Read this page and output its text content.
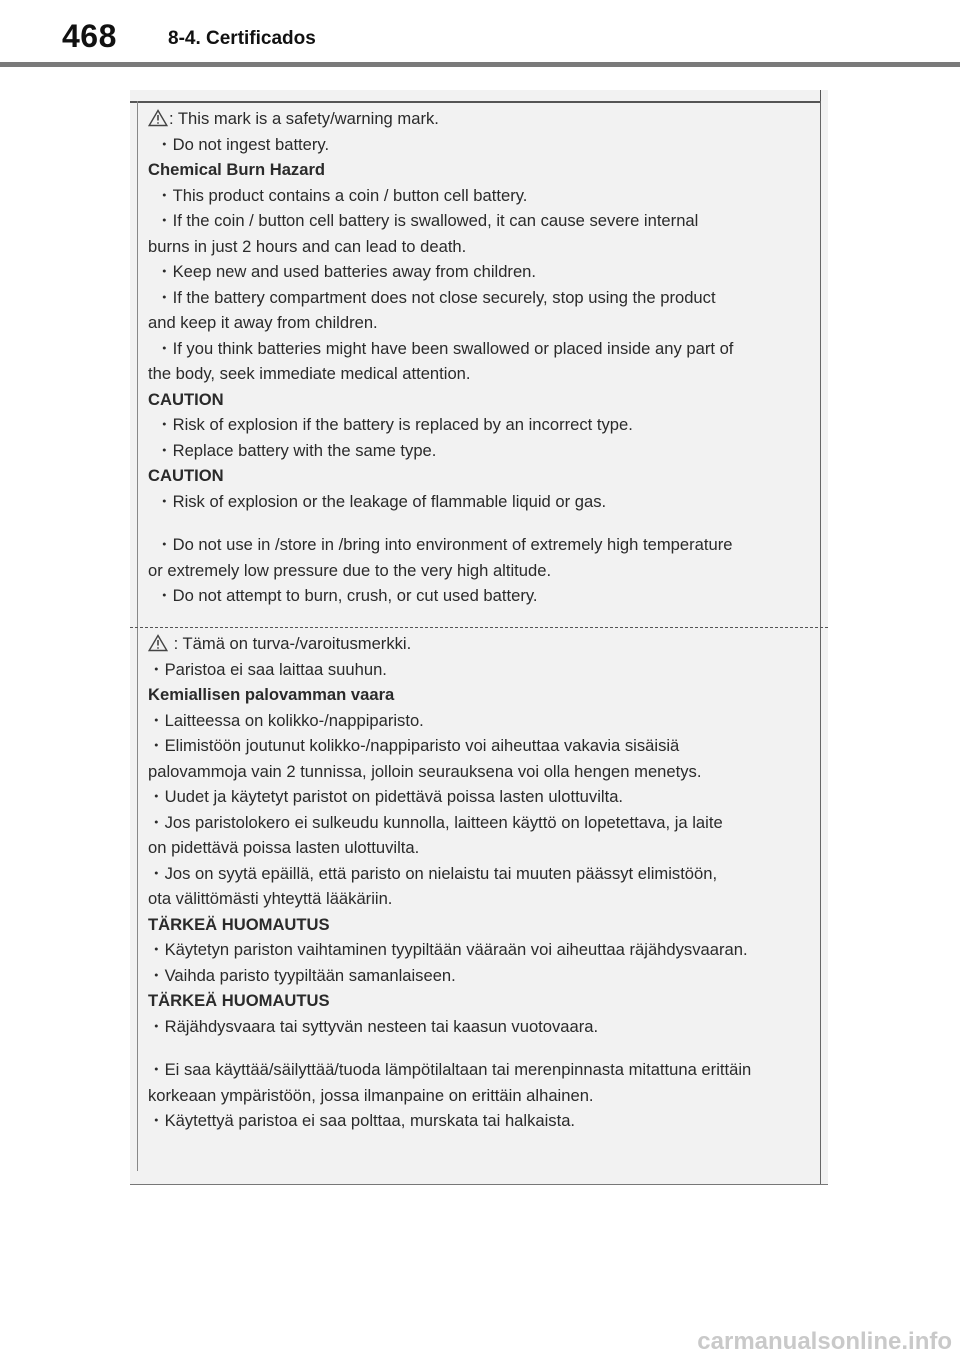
468	8-4. Certificados
: This mark is a safety/warning mark.
・Do not ingest battery.
Chemical Burn Hazard
・This product contains a coin / button cell battery.
・If the coin / button cell battery is swallowed, it can cause severe internal
burns in just 2 hours and can lead to death.
・Keep new and used batteries away from children.
・If the battery compartment does not close securely, stop using the product
and keep it away from children.
・If you think batteries might have been swallowed or placed inside any part of
the body, seek immediate medical attention.
CAUTION
・Risk of explosion if the battery is replaced by an incorrect type.
・Replace battery with the same type.
CAUTION
・Risk of explosion or the leakage of flammable liquid or gas.
・Do not use in /store in /bring into environment of extremely high temperature
or extremely low pressure due to the very high altitude.
・Do not attempt to burn, crush, or cut used battery.
: Tämä on turva-/varoitusmerkki.
・Paristoa ei saa laittaa suuhun.
Kemiallisen palovamman vaara
・Laitteessa on kolikko-/nappiparisto.
・Elimistöön joutunut kolikko-/nappiparisto voi aiheuttaa vakavia sisäisiä
palovammoja vain 2 tunnissa, jolloin seurauksena voi olla hengen menetys.
・Uudet ja käytetyt paristot on pidettävä poissa lasten ulottuvilta.
・Jos paristolokero ei sulkeudu kunnolla, laitteen käyttö on lopetettava, ja laite
on pidettävä poissa lasten ulottuvilta.
・Jos on syytä epäillä, että paristo on nielaistu tai muuten päässyt elimistöön,
ota välittömästi yhteyttä lääkäriin.
TÄRKEÄ HUOMAUTUS
・Käytetyn pariston vaihtaminen tyypiltään vääraän voi aiheuttaa räjähdysvaaran.
・Vaihda paristo tyypiltään samanlaiseen.
TÄRKEÄ HUOMAUTUS
・Räjähdysvaara tai syttyvän nesteen tai kaasun vuotovaara.
・Ei saa käyttää/säilyttää/tuoda lämpötilaltaan tai merenpinnasta mitattuna erittäin
korkeaan ympäristöön, jossa ilmanpaine on erittäin alhainen.
・Käytettyä paristoa ei saa polttaa, murskata tai halkaista.
carmanualsonline.info
